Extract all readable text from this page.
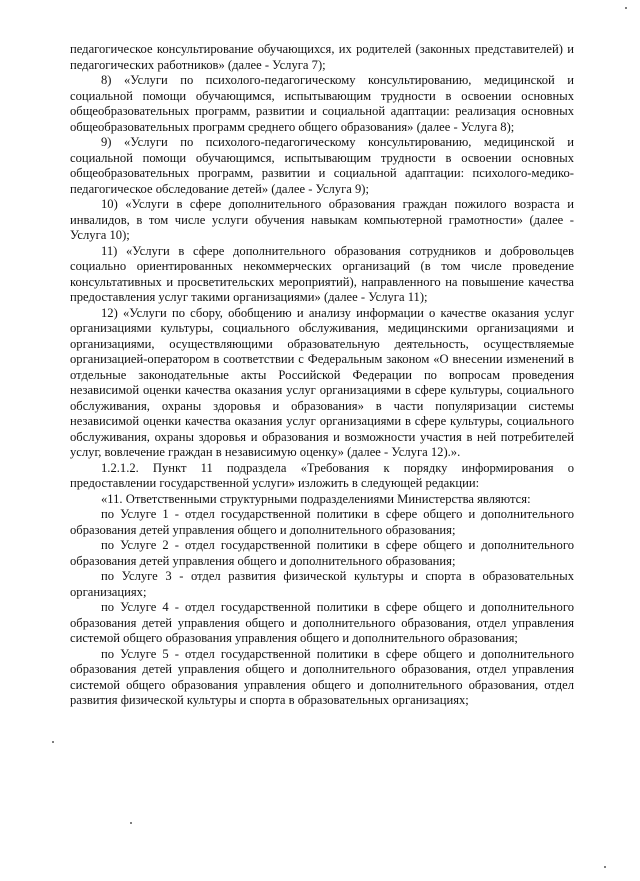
педагогическое консультирование обучающихся, их родителей (законных представителей) и педагогических работников» (далее - Услуга 7);

8) «Услуги по психолого-педагогическому консультированию, медицинской и социальной помощи обучающимся, испытывающим трудности в освоении основных общеобразовательных программ, развитии и социальной адаптации: реализация основных общеобразовательных программ среднего общего образования» (далее - Услуга 8);

9) «Услуги по психолого-педагогическому консультированию, медицинской и социальной помощи обучающимся, испытывающим трудности в освоении основных общеобразовательных программ, развитии и социальной адаптации: психолого-медико-педагогическое обследование детей» (далее - Услуга 9);

10) «Услуги в сфере дополнительного образования граждан пожилого возраста и инвалидов, в том числе услуги обучения навыкам компьютерной грамотности» (далее - Услуга 10);

11) «Услуги в сфере дополнительного образования сотрудников и добровольцев социально ориентированных некоммерческих организаций (в том числе проведение консультативных и просветительских мероприятий), направленного на повышение качества предоставления услуг такими организациями» (далее - Услуга 11);

12) «Услуги по сбору, обобщению и анализу информации о качестве оказания услуг организациями культуры, социального обслуживания, медицинскими организациями и организациями, осуществляющими образовательную деятельность, осуществляемые организацией-оператором в соответствии с Федеральным законом «О внесении изменений в отдельные законодательные акты Российской Федерации по вопросам проведения независимой оценки качества оказания услуг организациями в сфере культуры, социального обслуживания, охраны здоровья и образования» в части популяризации системы независимой оценки качества оказания услуг организациями в сфере культуры, социального обслуживания, охраны здоровья и образования и возможности участия в ней потребителей услуг, вовлечение граждан в независимую оценку» (далее - Услуга 12).».

1.2.1.2. Пункт 11 подраздела «Требования к порядку информирования о предоставлении государственной услуги» изложить в следующей редакции:

«11. Ответственными структурными подразделениями Министерства являются:

по Услуге 1 - отдел государственной политики в сфере общего и дополнительного образования детей управления общего и дополнительного образования;

по Услуге 2 - отдел государственной политики в сфере общего и дополнительного образования детей управления общего и дополнительного образования;

по Услуге 3 - отдел развития физической культуры и спорта в образовательных организациях;

по Услуге 4 - отдел государственной политики в сфере общего и дополнительного образования детей управления общего и дополнительного образования, отдел управления системой общего образования управления общего и дополнительного образования;

по Услуге 5 - отдел государственной политики в сфере общего и дополнительного образования детей управления общего и дополнительного образования, отдел управления системой общего образования управления общего и дополнительного образования, отдел развития физической культуры и спорта в образовательных организациях;
